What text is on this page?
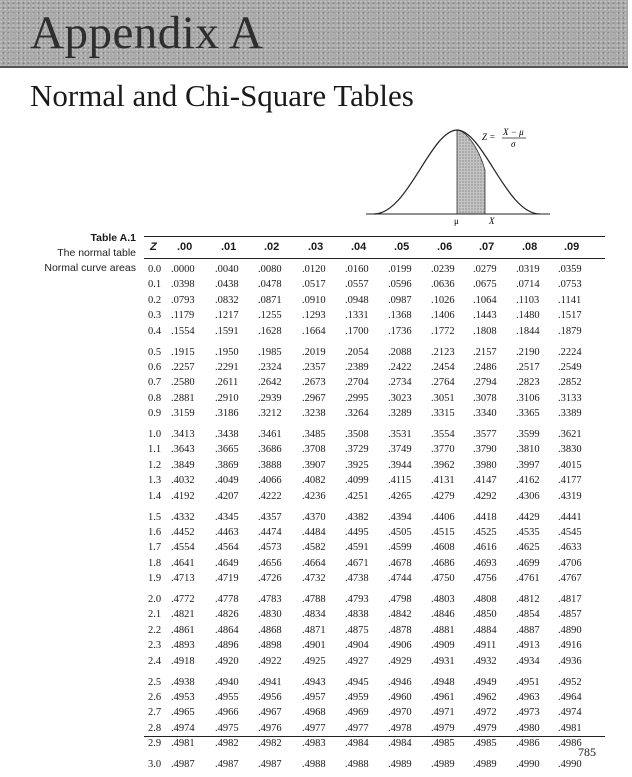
Appendix A
Normal and Chi-Square Tables
μ	X
Z = X − μ
σ
Table A.1
The normal table
Normal curve areas
Z .00	.01	.02	.03	.04	.05	.06 .07	.08 .09
0.0 .0000 .0040 .0080 .0120 .0160 .0199 .0239 .0279 .0319 .0359
0.1 .0398 .0438 .0478 .0517 .0557 .0596 .0636 .0675 .0714 .0753
0.2 .0793 .0832 .0871 .0910 .0948 .0987 .1026 .1064 .1103 .1141
0.3 .1179 .1217 .1255 .1293 .1331 .1368 .1406 .1443 .1480 .1517
0.4 .1554 .1591 .1628 .1664 .1700 .1736 .1772 .1808 .1844 .1879
0.5 .1915 .1950 .1985 .2019 .2054 .2088 .2123 .2157 .2190 .2224
0.6 .2257 .2291 .2324 .2357 .2389 .2422 .2454 .2486 .2517 .2549
0.7 .2580 .2611 .2642 .2673 .2704 .2734 .2764 .2794 .2823 .2852
0.8 .2881 .2910 .2939 .2967 .2995 .3023 .3051 .3078 .3106 .3133
0.9 .3159 .3186 .3212 .3238 .3264 .3289 .3315 .3340 .3365 .3389
1.0 .3413 .3438 .3461 .3485 .3508 .3531 .3554 .3577 .3599 .3621
1.1 .3643 .3665 .3686 .3708 .3729 .3749 .3770 .3790 .3810 .3830
1.2 .3849 .3869 .3888 .3907 .3925 .3944 .3962 .3980 .3997 .4015
1.3 .4032 .4049 .4066 .4082 .4099 .4115 .4131 .4147 .4162 .4177
1.4 .4192 .4207 .4222 .4236 .4251 .4265 .4279 .4292 .4306 .4319
1.5 .4332 .4345 .4357 .4370 .4382 .4394 .4406 .4418 .4429 .4441
1.6 .4452 .4463 .4474 .4484 .4495 .4505 .4515 .4525 .4535 .4545
1.7 .4554 .4564 .4573 .4582 .4591 .4599 .4608 .4616 .4625 .4633
1.8 .4641 .4649 .4656 .4664 .4671 .4678 .4686 .4693 .4699 .4706
1.9 .4713 .4719 .4726 .4732 .4738 .4744 .4750 .4756 .4761 .4767
2.0 .4772 .4778 .4783 .4788 .4793 .4798 .4803 .4808 .4812 .4817
2.1 .4821 .4826 .4830 .4834 .4838 .4842 .4846 .4850 .4854 .4857
2.2 .4861 .4864 .4868 .4871 .4875 .4878 .4881 .4884 .4887 .4890
2.3 .4893 .4896 .4898 .4901 .4904 .4906 .4909 .4911 .4913 .4916
2.4 .4918 .4920 .4922 .4925 .4927 .4929 .4931 .4932 .4934 .4936
2.5 .4938 .4940 .4941 .4943 .4945 .4946 .4948 .4949 .4951 .4952
2.6 .4953 .4955 .4956 .4957 .4959 .4960 .4961 .4962 .4963 .4964
2.7 .4965 .4966 .4967 .4968 .4969 .4970 .4971 .4972 .4973 .4974
2.8 .4974 .4975 .4976 .4977 .4977 .4978 .4979 .4979 .4980 .4981
2.9 .4981 .4982 .4982 .4983 .4984 .4984 .4985 .4985 .4986 .4986
3.0 .4987 .4987 .4987 .4988 .4988 .4989 .4989 .4989 .4990 .4990
785
